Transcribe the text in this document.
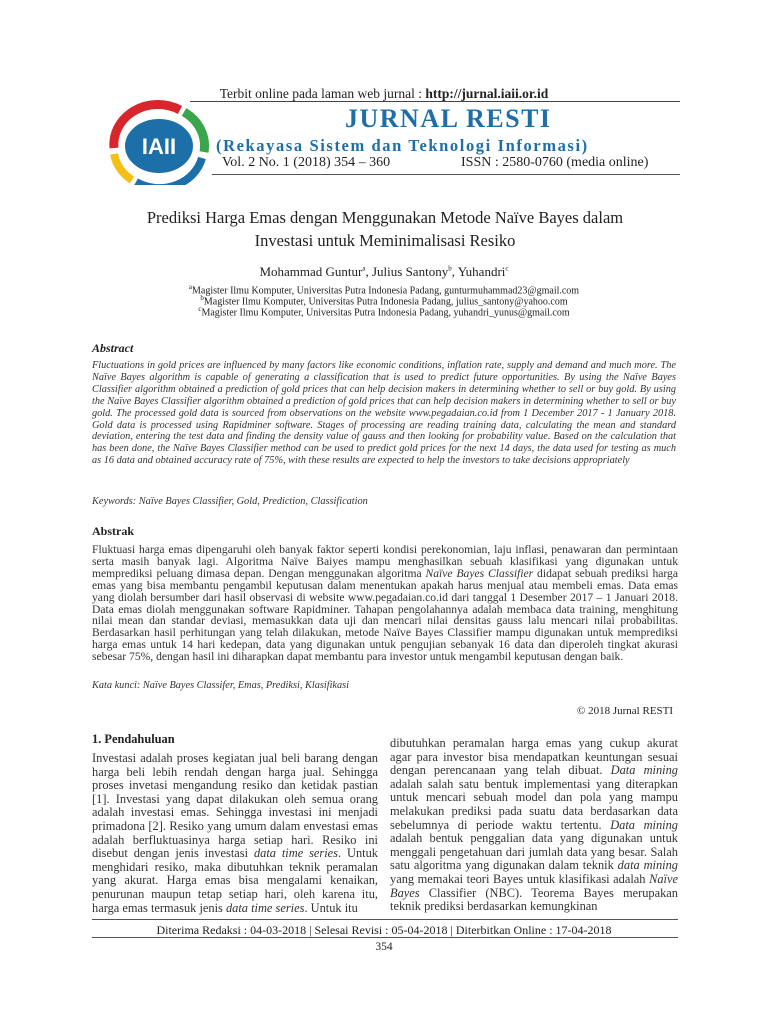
Terbit online pada laman web jurnal : http://jurnal.iaii.or.id
IAII
JURNAL RESTI
(Rekayasa Sistem dan Teknologi Informasi)
Vol. 2 No. 1 (2018) 354 – 360	ISSN : 2580-0760 (media online)
Prediksi Harga Emas dengan Menggunakan Metode Naïve Bayes dalam
Investasi untuk Meminimalisasi Resiko
Mohammad Guntur$^a$, Julius Santony$^b$, Yuhandri$^c$
$^a$Magister Ilmu Komputer, Universitas Putra Indonesia Padang, gunturmuhammad23@gmail.com
$^b$Magister Ilmu Komputer, Universitas Putra Indonesia Padang, julius_santony@yahoo.com
$^c$Magister Ilmu Komputer, Universitas Putra Indonesia Padang, yuhandri_yunus@gmail.com
Abstract
Fluctuations in gold prices are influenced by many factors like economic conditions, inflation rate, supply and demand and much more. The Naïve Bayes algorithm is capable of generating a classification that is used to predict future opportunities. By using the Naïve Bayes Classifier algorithm obtained a prediction of gold prices that can help decision makers in determining whether to sell or buy gold. By using the Naïve Bayes Classifier algorithm obtained a prediction of gold prices that can help decision makers in determining whether to sell or buy gold. The processed gold data is sourced from observations on the website www.pegadaian.co.id from 1 December 2017 - 1 January 2018. Gold data is processed using Rapidminer software. Stages of processing are reading training data, calculating the mean and standard deviation, entering the test data and finding the density value of gauss and then looking for probability value. Based on the calculation that has been done, the Naïve Bayes Classifier method can be used to predict gold prices for the next 14 days, the data used for testing as much as 16 data and obtained accuracy rate of 75%, with these results are expected to help the investors to take decisions appropriately
Keywords: Naïve Bayes Classifier, Gold, Prediction, Classification
Abstrak
Fluktuasi harga emas dipengaruhi oleh banyak faktor seperti kondisi perekonomian, laju inflasi, penawaran dan permintaan serta masih banyak lagi. Algoritma Naïve Baiyes mampu menghasilkan sebuah klasifikasi yang digunakan untuk memprediksi peluang dimasa depan. Dengan menggunakan algoritma Naïve Bayes Classifier didapat sebuah prediksi harga emas yang bisa membantu pengambil keputusan dalam menentukan apakah harus menjual atau membeli emas. Data emas yang diolah bersumber dari hasil observasi di website www.pegadaian.co.id dari tanggal 1 Desember 2017 – 1 Januari 2018. Data emas diolah menggunakan software Rapidminer. Tahapan pengolahannya adalah membaca data training, menghitung nilai mean dan standar deviasi, memasukkan data uji dan mencari nilai densitas gauss lalu mencari nilai probabilitas. Berdasarkan hasil perhitungan yang telah dilakukan, metode Naïve Bayes Classifier mampu digunakan untuk memprediksi harga emas untuk 14 hari kedepan, data yang digunakan untuk pengujian sebanyak 16 data dan diperoleh tingkat akurasi sebesar 75%, dengan hasil ini diharapkan dapat membantu para investor untuk mengambil keputusan dengan baik.
Kata kunci: Naïve Bayes Classifer, Emas, Prediksi, Klasifikasi
© 2018 Jurnal RESTI
1. Pendahuluan
Investasi adalah proses kegiatan jual beli barang dengan harga beli lebih rendah dengan harga jual. Sehingga proses invetasi mengandung resiko dan ketidak pastian [1]. Investasi yang dapat dilakukan oleh semua orang adalah investasi emas. Sehingga investasi ini menjadi primadona [2]. Resiko yang umum dalam envestasi emas adalah berfluktuasinya harga setiap hari. Resiko ini disebut dengan jenis investasi data time series. Untuk menghidari resiko, maka dibutuhkan teknik peramalan yang akurat. Harga emas bisa mengalami kenaikan, penurunan maupun tetap setiap hari, oleh karena itu, harga emas termasuk jenis data time series. Untuk itu
dibutuhkan peramalan harga emas yang cukup akurat agar para investor bisa mendapatkan keuntungan sesuai dengan perencanaan yang telah dibuat. Data mining adalah salah satu bentuk implementasi yang diterapkan untuk mencari sebuah model dan pola yang mampu melakukan prediksi pada suatu data berdasarkan data sebelumnya di periode waktu tertentu. Data mining adalah bentuk penggalian data yang digunakan untuk menggali pengetahuan dari jumlah data yang besar. Salah satu algoritma yang digunakan dalam teknik data mining yang memakai teori Bayes untuk klasifikasi adalah Naïve Bayes Classifier (NBC). Teorema Bayes merupakan teknik prediksi berdasarkan kemungkinan
Diterima Redaksi : 04-03-2018 | Selesai Revisi : 05-04-2018 | Diterbitkan Online : 17-04-2018
354
